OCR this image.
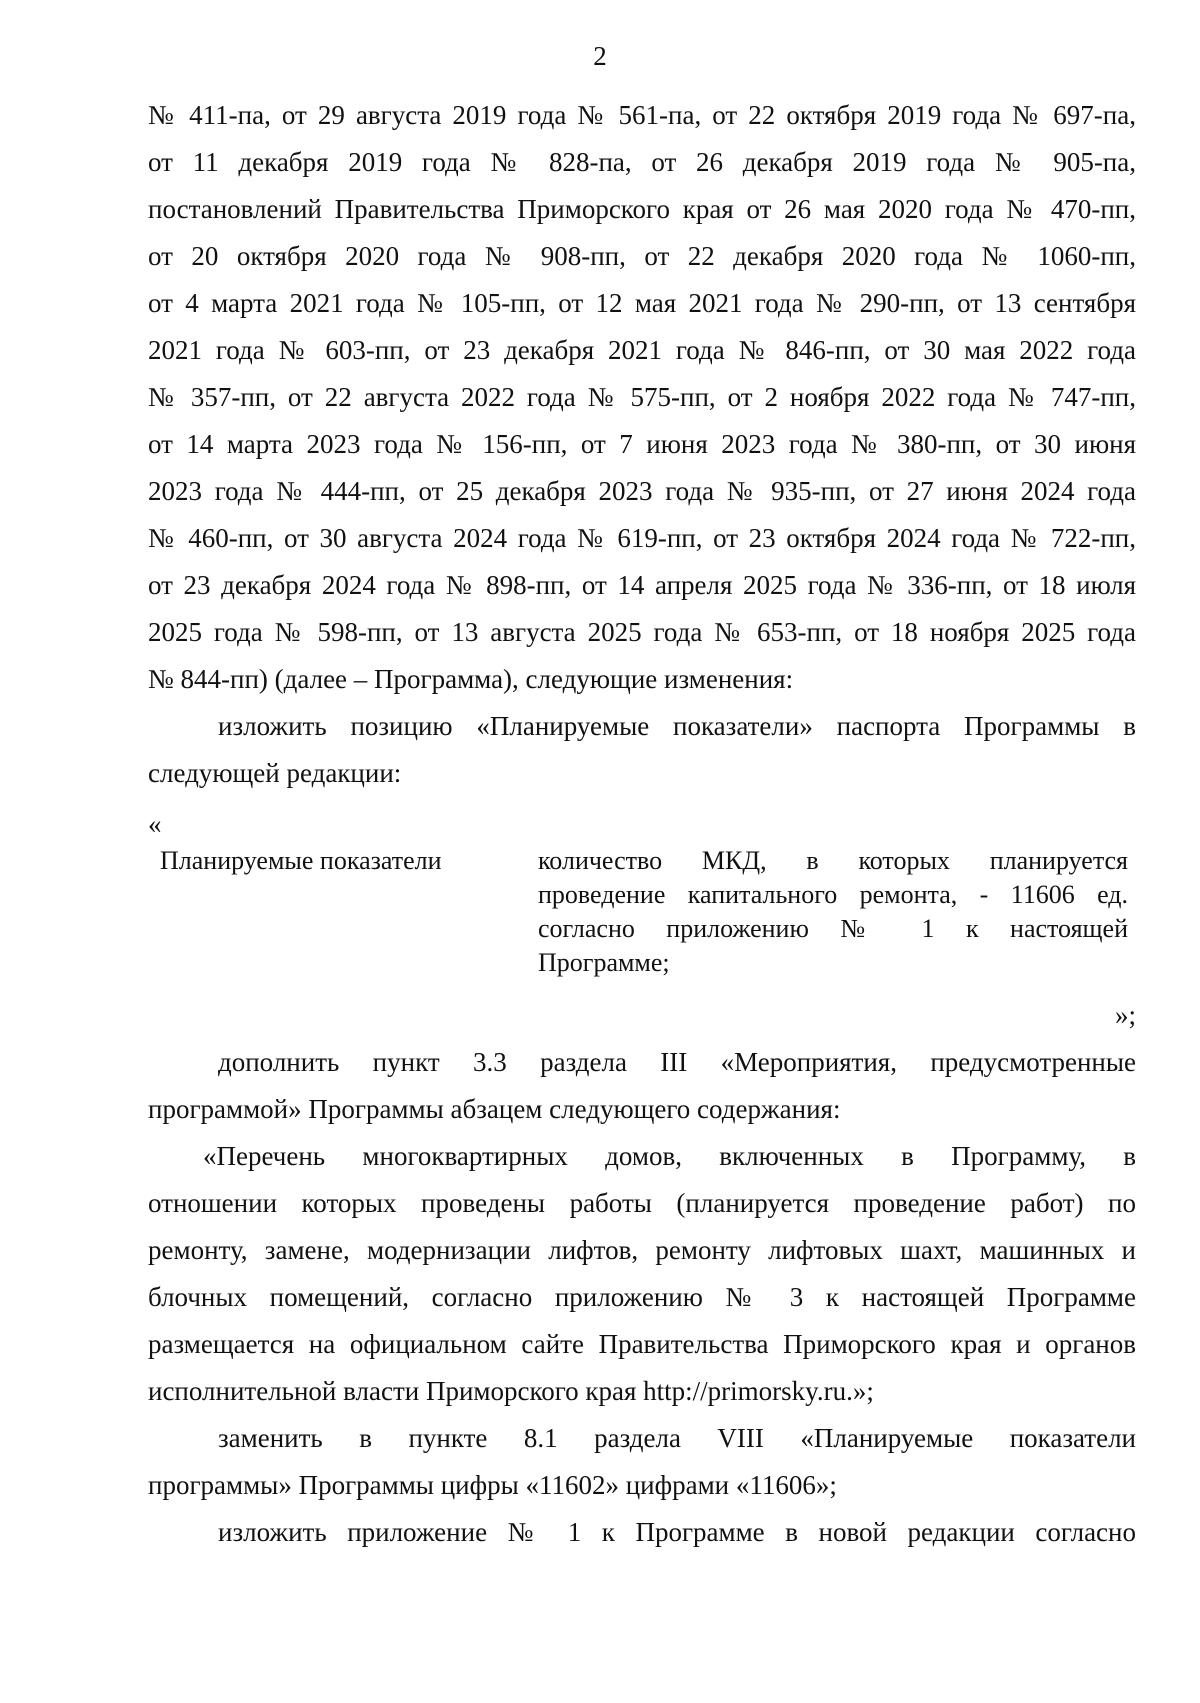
2
№ 411-па, от 29 августа 2019 года № 561-па, от 22 октября 2019 года № 697-па,
от 11 декабря 2019 года № 828-па, от 26 декабря 2019 года № 905-па,
постановлений Правительства Приморского края от 26 мая 2020 года № 470-пп,
от 20 октября 2020 года № 908-пп, от 22 декабря 2020 года № 1060-пп,
от 4 марта 2021 года № 105-пп, от 12 мая 2021 года № 290-пп, от 13 сентября
2021 года № 603-пп, от 23 декабря 2021 года № 846-пп, от 30 мая 2022 года
№ 357-пп, от 22 августа 2022 года № 575-пп, от 2 ноября 2022 года № 747-пп,
от 14 марта 2023 года № 156-пп, от 7 июня 2023 года № 380-пп, от 30 июня
2023 года № 444-пп, от 25 декабря 2023 года № 935-пп, от 27 июня 2024 года
№ 460-пп, от 30 августа 2024 года № 619-пп, от 23 октября 2024 года № 722-пп,
от 23 декабря 2024 года № 898-пп, от 14 апреля 2025 года № 336-пп, от 18 июля
2025 года № 598-пп, от 13 августа 2025 года № 653-пп, от 18 ноября 2025 года
№ 844-пп) (далее – Программа), следующие изменения:
изложить позицию «Планируемые показатели» паспорта Программы в
следующей редакции:
«
Планируемые показатели	количество МКД, в которых планируется
проведение капитального ремонта, - 11606 ед.
согласно приложению № 1 к настоящей
Программе;
»;
дополнить пункт 3.3 раздела III «Мероприятия, предусмотренные
программой» Программы абзацем следующего содержания:
«Перечень многоквартирных домов, включенных в Программу, в
отношении которых проведены работы (планируется проведение работ) по
ремонту, замене, модернизации лифтов, ремонту лифтовых шахт, машинных и
блочных помещений, согласно приложению № 3 к настоящей Программе
размещается на официальном сайте Правительства Приморского края и органов
исполнительной власти Приморского края http://primorsky.ru.»;
заменить в пункте 8.1 раздела VIII «Планируемые показатели
программы» Программы цифры «11602» цифрами «11606»;
изложить приложение № 1 к Программе в новой редакции согласно
